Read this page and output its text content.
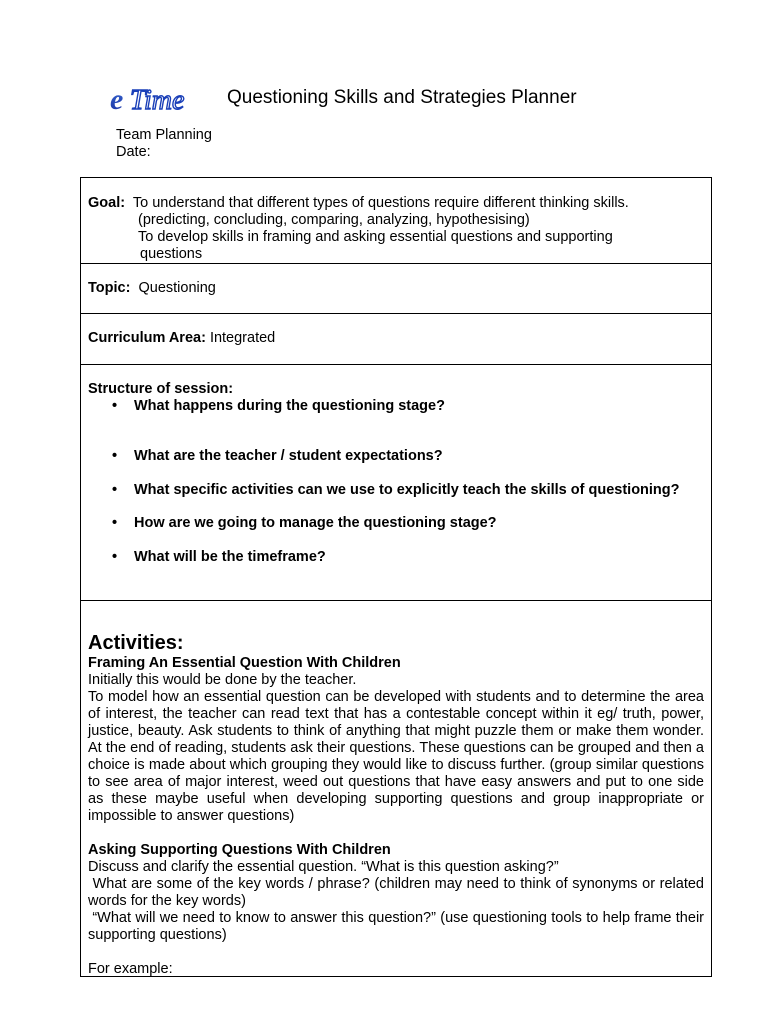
e Time Questioning Skills and Strategies Planner
Team Planning
Date:
Goal: To understand that different types of questions require different thinking skills.
(predicting, concluding, comparing, analyzing, hypothesising)
To develop skills in framing and asking essential questions and supporting
questions
Topic: Questioning
Curriculum Area: Integrated
Structure of session:
• What happens during the questioning stage?
• What are the teacher / student expectations?
• What specific activities can we use to explicitly teach the skills of questioning?
• How are we going to manage the questioning stage?
• What will be the timeframe?
Activities:
Framing An Essential Question With Children
Initially this would be done by the teacher.
To model how an essential question can be developed with students and to determine the area of interest, the teacher can read text that has a contestable concept within it eg/ truth, power, justice, beauty. Ask students to think of anything that might puzzle them or make them wonder. At the end of reading, students ask their questions. These questions can be grouped and then a choice is made about which grouping they would like to discuss further. (group similar questions to see area of major interest, weed out questions that have easy answers and put to one side as these maybe useful when developing supporting questions and group inappropriate or impossible to answer questions)
Asking Supporting Questions With Children
Discuss and clarify the essential question. “What is this question asking?”
What are some of the key words / phrase? (children may need to think of synonyms or related words for the key words)
“What will we need to know to answer this question?” (use questioning tools to help frame their supporting questions)
For example:
